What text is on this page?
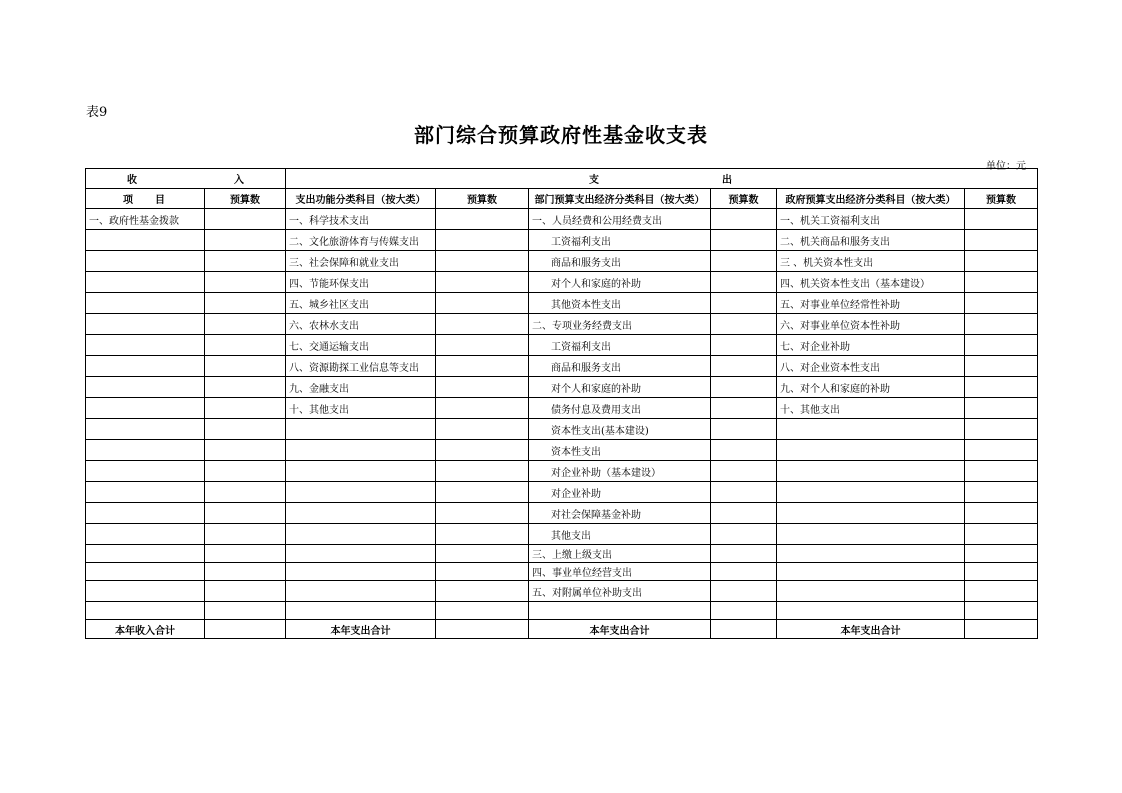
表9
部门综合预算政府性基金收支表
单位：元
收 入		支 出					

项 目	预算数	支出功能分类科目（按大类）	预算数	部门预算支出经济分类科目（按大类）	预算数	政府预算支出经济分类科目（按大类）	预算数
一、政府性基金拨款		一、科学技术支出		一、人员经费和公用经费支出		一、机关工资福利支出	
		二、文化旅游体育与传媒支出		工资福利支出		二、机关商品和服务支出	
		三、社会保障和就业支出		商品和服务支出		三 、机关资本性支出	
		四、节能环保支出		对个人和家庭的补助		四、机关资本性支出（基本建设）	
		五、城乡社区支出		其他资本性支出		五、对事业单位经常性补助	
		六、农林水支出		二、专项业务经费支出		六、对事业单位资本性补助	
		七、交通运输支出		工资福利支出		七、对企业补助	
		八、资源勘探工业信息等支出		商品和服务支出		八、对企业资本性支出	
		九、金融支出		对个人和家庭的补助		九、对个人和家庭的补助	
		十、其他支出		债务付息及费用支出		十、其他支出	
				资本性支出(基本建设)			
				资本性支出			
				对企业补助（基本建设）			
				对企业补助			
				对社会保障基金补助			
				其他支出			
				三、上缴上级支出			
				四、事业单位经营支出			
				五、对附属单位补助支出			

本年收入合计		本年支出合计		本年支出合计		本年支出合计	
